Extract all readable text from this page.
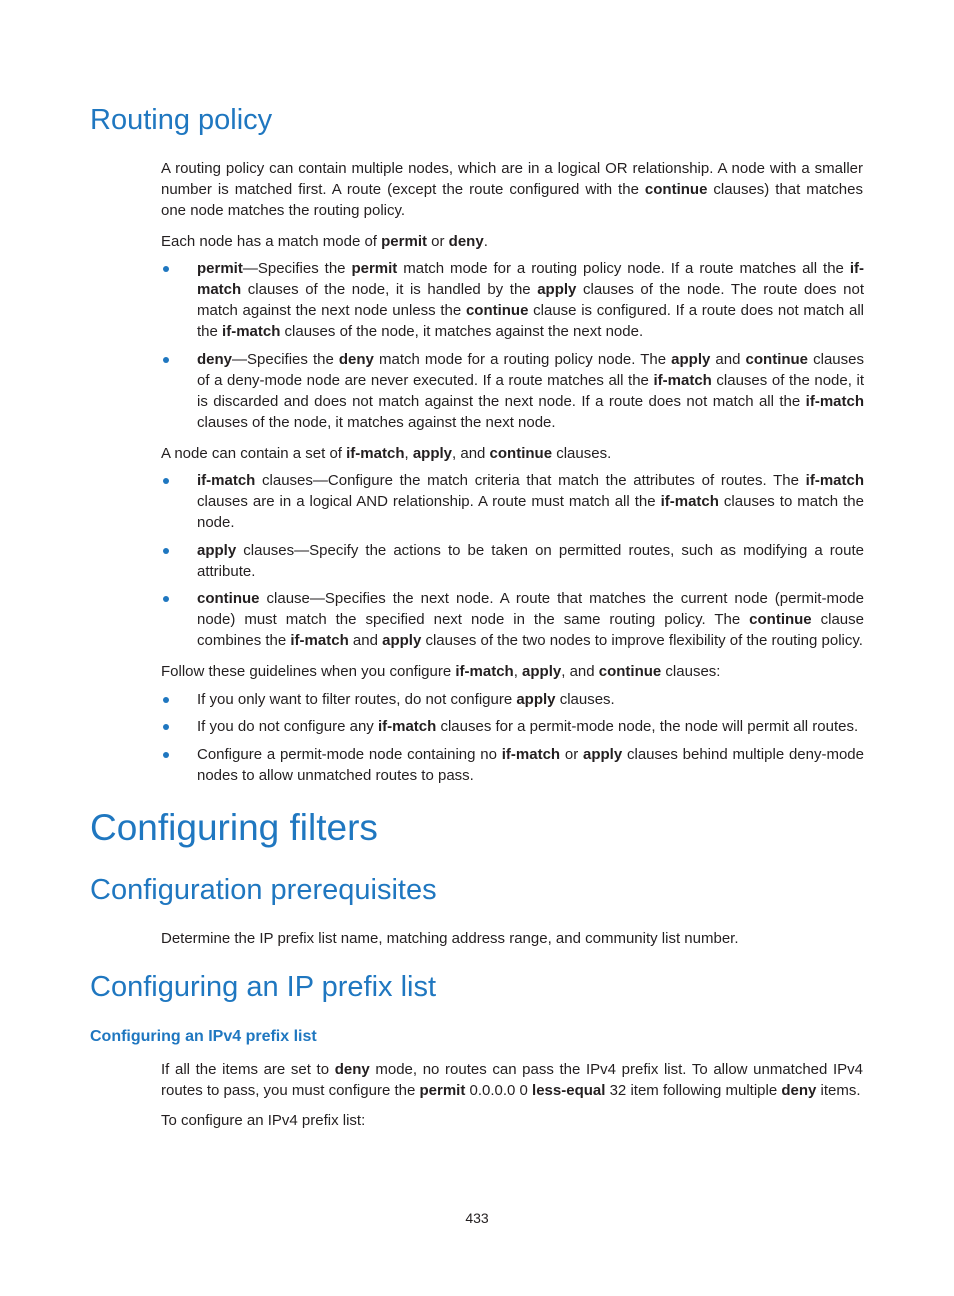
Routing policy

A routing policy can contain multiple nodes, which are in a logical OR relationship. A node with a smaller number is matched first. A route (except the route configured with the continue clauses) that matches one node matches the routing policy.

Each node has a match mode of permit or deny.

permit—Specifies the permit match mode for a routing policy node. If a route matches all the if-match clauses of the node, it is handled by the apply clauses of the node. The route does not match against the next node unless the continue clause is configured. If a route does not match all the if-match clauses of the node, it matches against the next node.

deny—Specifies the deny match mode for a routing policy node. The apply and continue clauses of a deny-mode node are never executed. If a route matches all the if-match clauses of the node, it is discarded and does not match against the next node. If a route does not match all the if-match clauses of the node, it matches against the next node.

A node can contain a set of if-match, apply, and continue clauses.

if-match clauses—Configure the match criteria that match the attributes of routes. The if-match clauses are in a logical AND relationship. A route must match all the if-match clauses to match the node.

apply clauses—Specify the actions to be taken on permitted routes, such as modifying a route attribute.

continue clause—Specifies the next node. A route that matches the current node (permit-mode node) must match the specified next node in the same routing policy. The continue clause combines the if-match and apply clauses of the two nodes to improve flexibility of the routing policy.

Follow these guidelines when you configure if-match, apply, and continue clauses:

If you only want to filter routes, do not configure apply clauses.

If you do not configure any if-match clauses for a permit-mode node, the node will permit all routes.

Configure a permit-mode node containing no if-match or apply clauses behind multiple deny-mode nodes to allow unmatched routes to pass.

Configuring filters
Configuration prerequisites

Determine the IP prefix list name, matching address range, and community list number.

Configuring an IP prefix list
Configuring an IPv4 prefix list

If all the items are set to deny mode, no routes can pass the IPv4 prefix list. To allow unmatched IPv4 routes to pass, you must configure the permit 0.0.0.0 0 less-equal 32 item following multiple deny items.

To configure an IPv4 prefix list:

433
